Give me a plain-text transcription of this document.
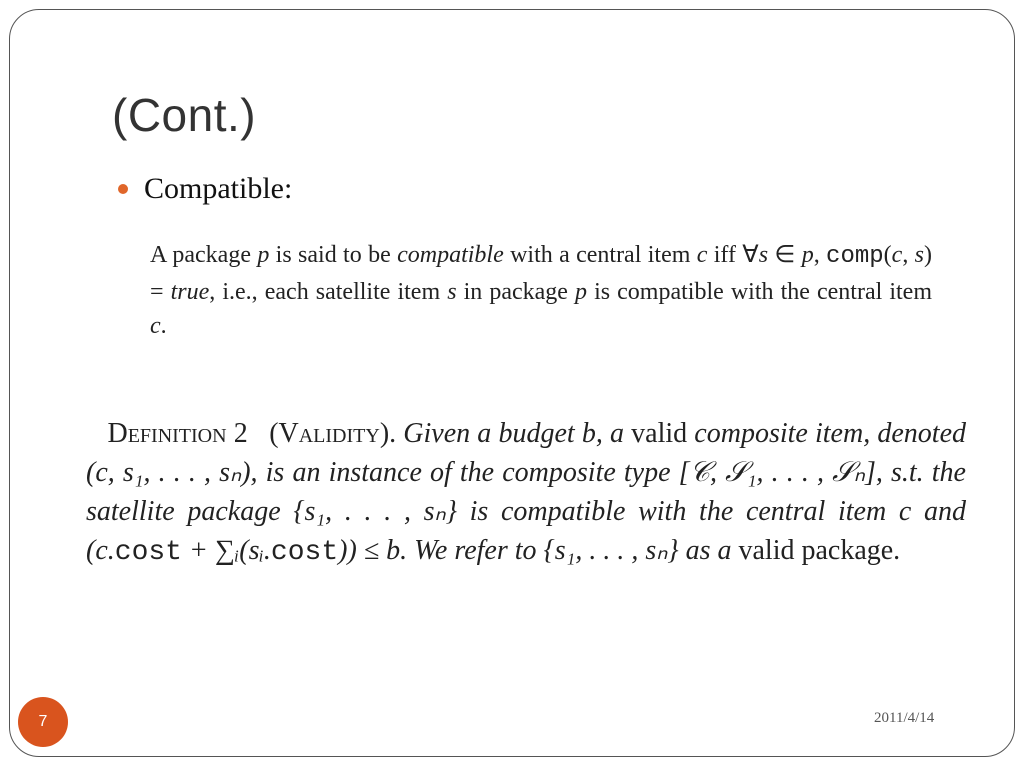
(Cont.)
Compatible:
A package p is said to be compatible with a central item c iff ∀s ∈ p, comp(c, s) = true, i.e., each satellite item s in package p is compatible with the central item c.
Definition 2 (Validity). Given a budget b, a valid composite item, denoted (c, s₁, . . . , sₙ), is an instance of the composite type [𝒞, 𝒮₁, . . . , 𝒮ₙ], s.t. the satellite package {s₁, . . . , sₙ} is compatible with the central item c and (c.cost + ∑ᵢ(sᵢ.cost)) ≤ b. We refer to {s₁, . . . , sₙ} as a valid package.
7	2011/4/14
